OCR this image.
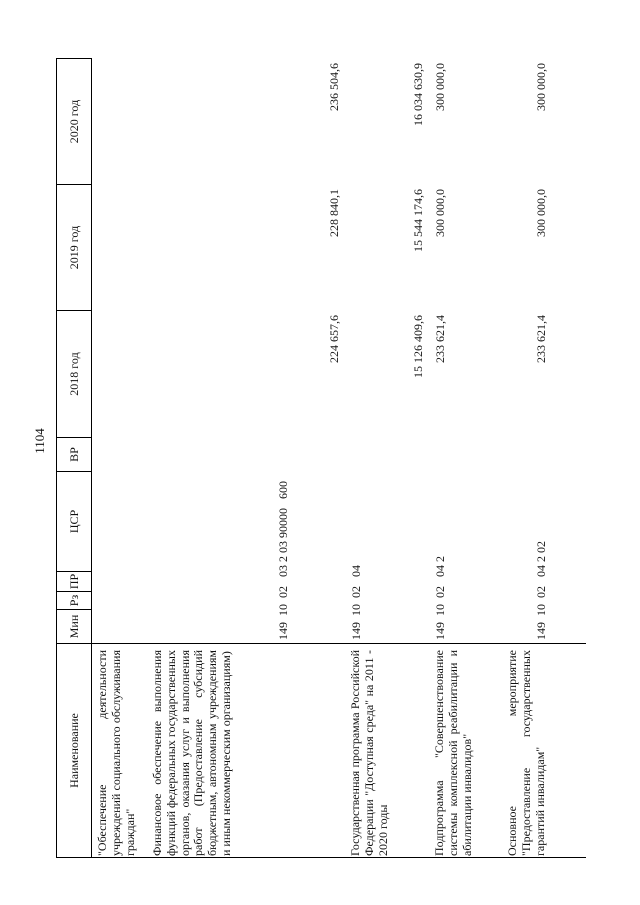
1104
Наименование
Мин
Рз
ПР
ЦСР
ВР
2018 год
2019 год
2020 год
"Обеспечение деятельности учреждений социального обслуживания граждан" Финансовое обеспечение выполнения функций федеральных государственных органов, оказания услуг и выполнения работ (Предоставление субсидий бюджетным, автономным учреждениям и иным некоммерческим организациям)
149  10  02   03 2 03 90000   600
224 657,6
228 840,1
236 504,6
Государственная программа Российской Федерации "Доступная среда" на 2011 - 2020 годы
149  10  02   04
15 126 409,6
15 544 174,6
16 034 630,9
Подпрограмма "Совершенствование системы комплексной реабилитации и абилитации инвалидов"
149  10  02   04 2
233 621,4
300 000,0
300 000,0
Основное мероприятие "Предоставление государственных гарантий инвалидам"
149  10  02   04 2 02
233 621,4
300 000,0
300 000,0
